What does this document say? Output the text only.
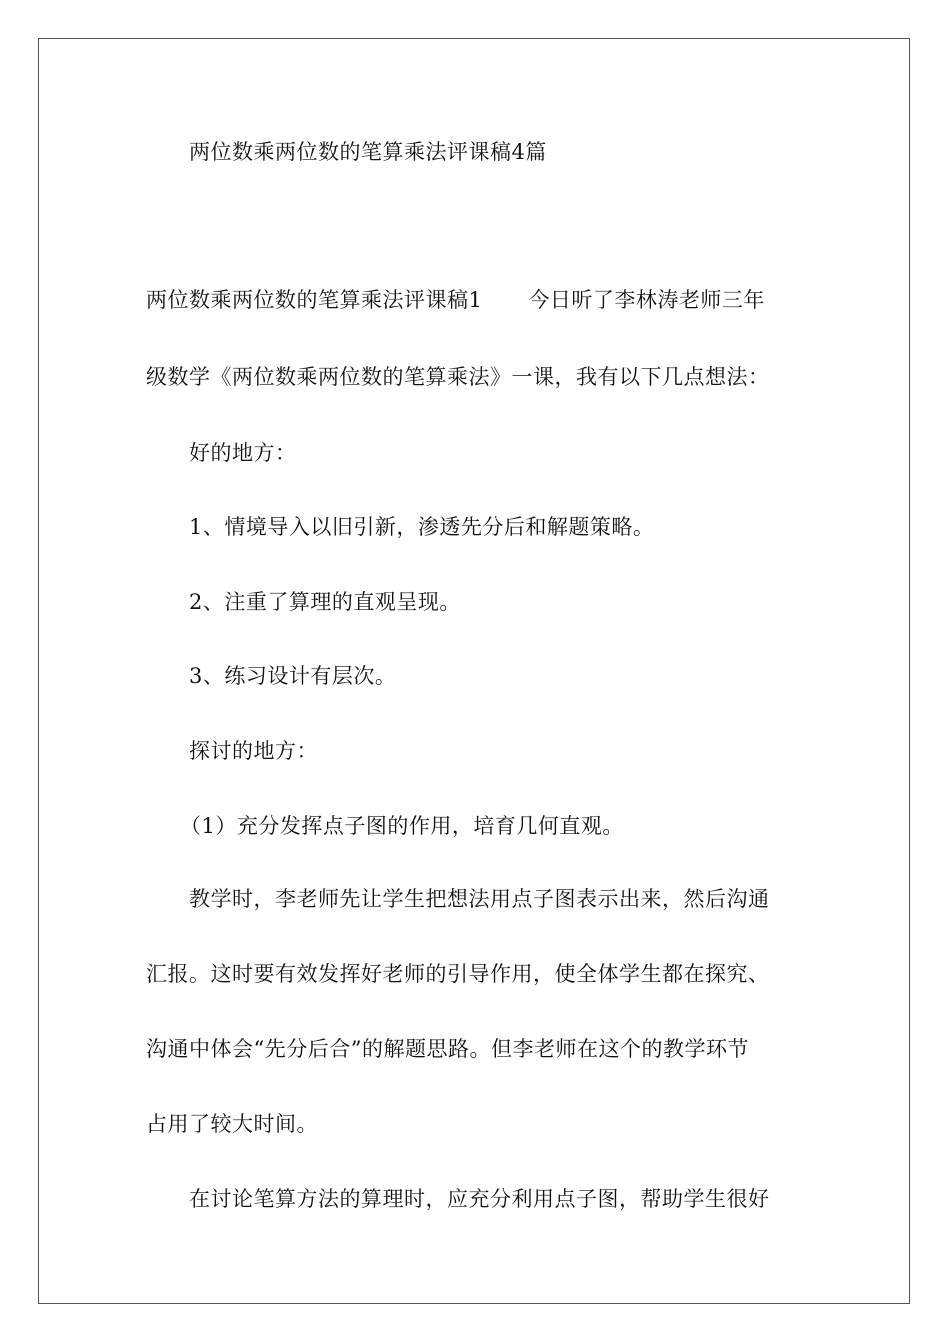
两位数乘两位数的笔算乘法评课稿4篇
两位数乘两位数的笔算乘法评课稿1 今日听了李林涛老师三年
级数学《两位数乘两位数的笔算乘法》一课，我有以下几点想法：
好的地方：
1、情境导入以旧引新，渗透先分后和解题策略。
2、注重了算理的直观呈现。
3、练习设计有层次。
探讨的地方：
（1）充分发挥点子图的作用，培育几何直观。
教学时，李老师先让学生把想法用点子图表示出来，然后沟通
汇报。这时要有效发挥好老师的引导作用，使全体学生都在探究、
沟通中体会“先分后合”的解题思路。但李老师在这个的教学环节
占用了较大时间。
在讨论笔算方法的算理时，应充分利用点子图，帮助学生很好
